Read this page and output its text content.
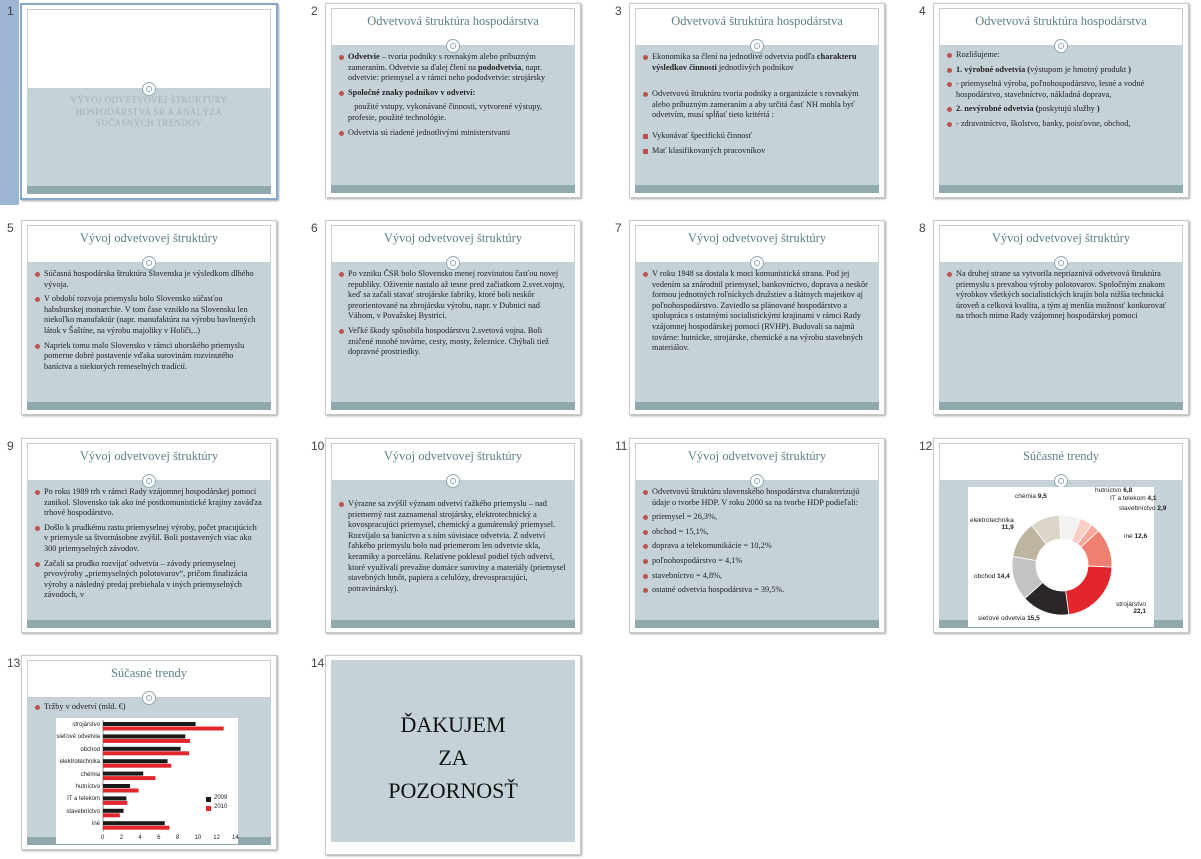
1
VÝVOJ ODVETVOVEJ ŠTRUKTÚRY HOSPODÁRSTVA SR A ANALÝZA SÚČASNÝCH TRENDOV
2
Odvetvová štruktúra hospodárstva
Odvetvie – tvoria podniky s rovnakým alebo príbuzným zameraním. Odvetvie sa ďalej člení na pododvetvia, napr. odvetvie: priemysel a v rámci neho pododvetvie: strojársky
Spoločné znaky podnikov v odvetví:
použité vstupy, vykonávané činnosti, vytvorené výstupy, profesie, použité technológie.
Odvetvia sú riadené jednotlivými ministerstvami
3
Odvetvová štruktúra hospodárstva
Ekonomika sa člení na jednotlivé odvetvia podľa charakteru výsledkov činnosti jednotlivých podnikov
Odvetvovú štruktúru tvoria podniky a organizácie s rovnakým alebo príbuzným zameraním a aby určitá časť NH mohla byť odvetvím, musí spĺňať tieto kritériá :
Vykonávať špecifickú činnosť
Mať klasifikovaných pracovníkov
4
Odvetvová štruktúra hospodárstva
Rozlišujeme:
1. výrobné odvetvia (výstupom je hmotný produkt )
- priemyselná výroba, poľnohospodárstvo, lesné a vodné hospodárstvo, stavebníctvo, nákladná doprava,
2. nevýrobné odvetvia (poskytujú služby )
- zdravotníctvo, školstvo, banky, poisťovne, obchod,
5
Vývoj odvetvovej štruktúry
Súčasná hospodárska štruktúra Slovenska je výsledkom dlhého vývoja.
V období rozvoja priemyslu bolo Slovensko súčasťou habsburskej monarchie. V tom čase vznikło na Slovensku len niekoľko manufaktúr (napr. manufaktúra na výrobu bavlnených látok v Šaštíne, na výrobu majoliky v Holíči,..)
Napriek tomu malo Slovensko v rámci uhorského priemyslu pomerne dobré postavenie vďaka surovinám rozvinutého baníctva a niektorých remeselných tradícií.
6
Vývoj odvetvovej štruktúry
Po vzniku ČSR bolo Slovensko menej rozvinutou časťou novej republiky. Oživenie nastalo až tesne pred začiatkom 2.svet.vojny, keď sa začali stavať strojárske fabriky, ktoré boli neskôr preorientované na zbrojársku výrobu, napr. v Dubnici nad Váhom, v Považskej Bystrici.
Veľké škody spôsobila hospodárstvu 2.svetová vojna. Boli zničené mnohé továrne, cesty, mosty, železnice. Chýbali tiež dopravné prostriedky.
7
Vývoj odvetvovej štruktúry
V roku 1948 sa dostala k moci komunistická strana. Pod jej vedením sa znárodnil priemysel, bankovníctvo, doprava a neskôr formou jednotných roľníckych družstiev a štátnych majetkov aj poľnohospodárstvo. Zaviedlo sa plánované hospodárstvo a spolupráca s ostatnými socialistickými krajinami v rámci Rady vzájomnej hospodárskej pomoci (RVHP). Budovali sa najmä továrne: hutnícke, strojárske, chemické a na výrobu stavebných materiálov.
8
Vývoj odvetvovej štruktúry
Na druhej strane sa vytvorila nepriaznivá odvetvová štruktúra priemyslu s prevahou výroby polotovarov. Spoločným znakom výrobkov všetkých socialistických krajín bola nižšia technická úroveň a celková kvalita, a tým aj menšia možnosť konkurovať na trhoch mimo Rady vzájomnej hospodárskej pomoci
9
Vývoj odvetvovej štruktúry
Po roku 1989 trh v rámci Rady vzájomnej hospodárskej pomoci zanikol. Slovensko tak ako iné postkomunistické krajiny zaváďza trhové hospodárstvo.
Došlo k prudkému rastu priemyselnej výroby, počet pracujúcich v priemysle sa štvornásobne zvýšil. Boli postavených viac ako 300 priemyselných závodov.
Začali sa prudko rozvíjať odvetvia – závody priemyselnej prvovýroby „priemyselných polotovarov“, pričom finalizácia výroby a následný predaj prebiehala v iných priemyselných závodoch, v
10
Vývoj odvetvovej štruktúry
Výrazne sa zvýšil význam odvetví ťažkého priemyslu – nad priemerný rast zaznamenal strojársky, elektrotechnický a kovospracujúci priemysel, chemický a gumárenský priemysel. Rozvíjalo sa baníctvo a s ním súvisiace odvetvia. Z odvetví ľahkého priemyslu bolo nad priemerom len odvetvie skla, keramiky a porcelánu. Relatívne poklesol podiel tých odvetví, ktoré využívali prevažne domáce suroviny a materiály (priemysel stavebných hmôt, papiera a celulózy, drevospracujúci, potravinársky).
11
Vývoj odvetvovej štruktúry
Odvetvovú štruktúru slovenského hospodárstva charakterizujú údaje o tvorbe HDP. V roku 2000 sa na tvorbe HDP podieľali:
priemysel = 26,3%,
obchod = 15,1%,
doprava a telekomunikácie = 10,2%
poľnohospodárstvo = 4,1%
stavebníctvo = 4,8%,
ostatné odvetvia hospodárstva = 39,5%.
12
Súčasné trendy
hutníctvo 6,8
IT a telekom 4,1
stavebníctvo 2,9
iné 12,6
strojárstvo
22,1
sieťové odvetvia 15,5
obchod 14,4
elektrotechnika
11,9
chémia 9,5
13
Súčasné trendy
Tržby v odvetví (mld. €)
strojárstvo
sieťové odvetvia
obchod
elektrotechnika
chémia
hutníctvo
IT a telekom
stavebníctvo
iné
0	2	4	6	8	10 12 14
2009
2010
14
ĎAKUJEM
ZA
POZORNOSŤ
